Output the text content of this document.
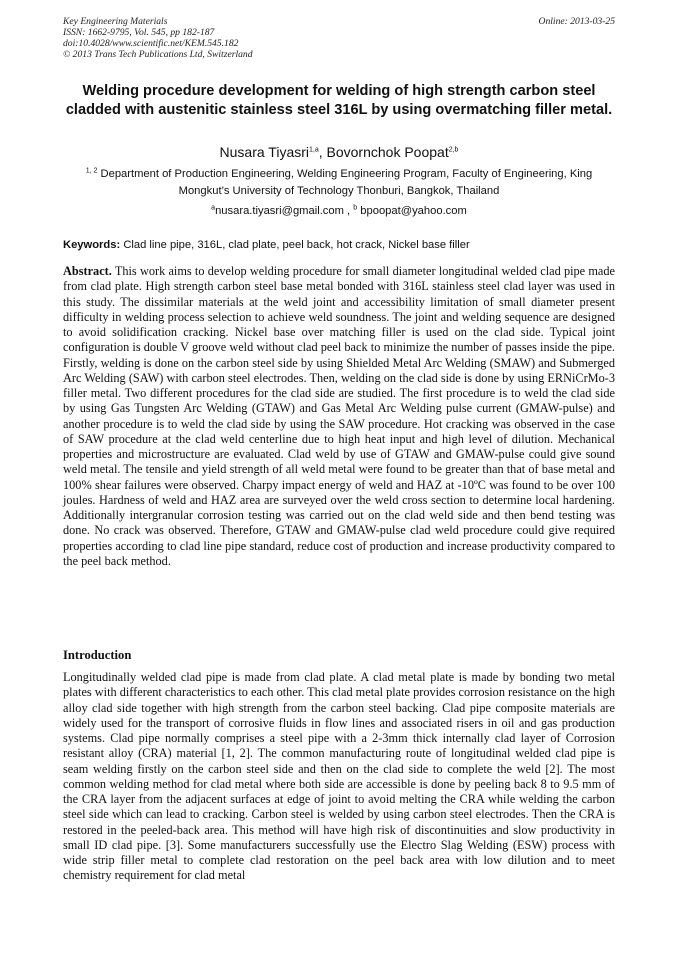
Key Engineering Materials
ISSN: 1662-9795, Vol. 545, pp 182-187
doi:10.4028/www.scientific.net/KEM.545.182
© 2013 Trans Tech Publications Ltd, Switzerland
Online: 2013-03-25
Welding procedure development for welding of high strength carbon steel cladded with austenitic stainless steel 316L by using overmatching filler metal.
Nusara Tiyasri$^{1,a}$, Bovornchok Poopat$^{2,b}$
$^{1, 2}$ Department of Production Engineering, Welding Engineering Program, Faculty of Engineering, King Mongkut’s University of Technology Thonburi, Bangkok, Thailand
$^a$nusara.tiyasri@gmail.com , $^b$ bpoopat@yahoo.com
Keywords: Clad line pipe, 316L, clad plate, peel back, hot crack, Nickel base filler
Abstract. This work aims to develop welding procedure for small diameter longitudinal welded clad pipe made from clad plate. High strength carbon steel base metal bonded with 316L stainless steel clad layer was used in this study. The dissimilar materials at the weld joint and accessibility limitation of small diameter present difficulty in welding process selection to achieve weld soundness. The joint and welding sequence are designed to avoid solidification cracking. Nickel base over matching filler is used on the clad side. Typical joint configuration is double V groove weld without clad peel back to minimize the number of passes inside the pipe. Firstly, welding is done on the carbon steel side by using Shielded Metal Arc Welding (SMAW) and Submerged Arc Welding (SAW) with carbon steel electrodes. Then, welding on the clad side is done by using ERNiCrMo-3 filler metal. Two different procedures for the clad side are studied. The first procedure is to weld the clad side by using Gas Tungsten Arc Welding (GTAW) and Gas Metal Arc Welding pulse current (GMAW-pulse) and another procedure is to weld the clad side by using the SAW procedure. Hot cracking was observed in the case of SAW procedure at the clad weld centerline due to high heat input and high level of dilution. Mechanical properties and microstructure are evaluated. Clad weld by use of GTAW and GMAW-pulse could give sound weld metal. The tensile and yield strength of all weld metal were found to be greater than that of base metal and 100% shear failures were observed. Charpy impact energy of weld and HAZ at -10ºC was found to be over 100 joules. Hardness of weld and HAZ area are surveyed over the weld cross section to determine local hardening. Additionally intergranular corrosion testing was carried out on the clad weld side and then bend testing was done. No crack was observed. Therefore, GTAW and GMAW-pulse clad weld procedure could give required properties according to clad line pipe standard, reduce cost of production and increase productivity compared to the peel back method.
Introduction
Longitudinally welded clad pipe is made from clad plate. A clad metal plate is made by bonding two metal plates with different characteristics to each other. This clad metal plate provides corrosion resistance on the high alloy clad side together with high strength from the carbon steel backing. Clad pipe composite materials are widely used for the transport of corrosive fluids in flow lines and associated risers in oil and gas production systems. Clad pipe normally comprises a steel pipe with a 2-3mm thick internally clad layer of Corrosion resistant alloy (CRA) material [1, 2]. The common manufacturing route of longitudinal welded clad pipe is seam welding firstly on the carbon steel side and then on the clad side to complete the weld [2]. The most common welding method for clad metal where both side are accessible is done by peeling back 8 to 9.5 mm of the CRA layer from the adjacent surfaces at edge of joint to avoid melting the CRA while welding the carbon steel side which can lead to cracking. Carbon steel is welded by using carbon steel electrodes. Then the CRA is restored in the peeled-back area. This method will have high risk of discontinuities and slow productivity in small ID clad pipe. [3]. Some manufacturers successfully use the Electro Slag Welding (ESW) process with wide strip filler metal to complete clad restoration on the peel back area with low dilution and to meet chemistry requirement for clad metal
